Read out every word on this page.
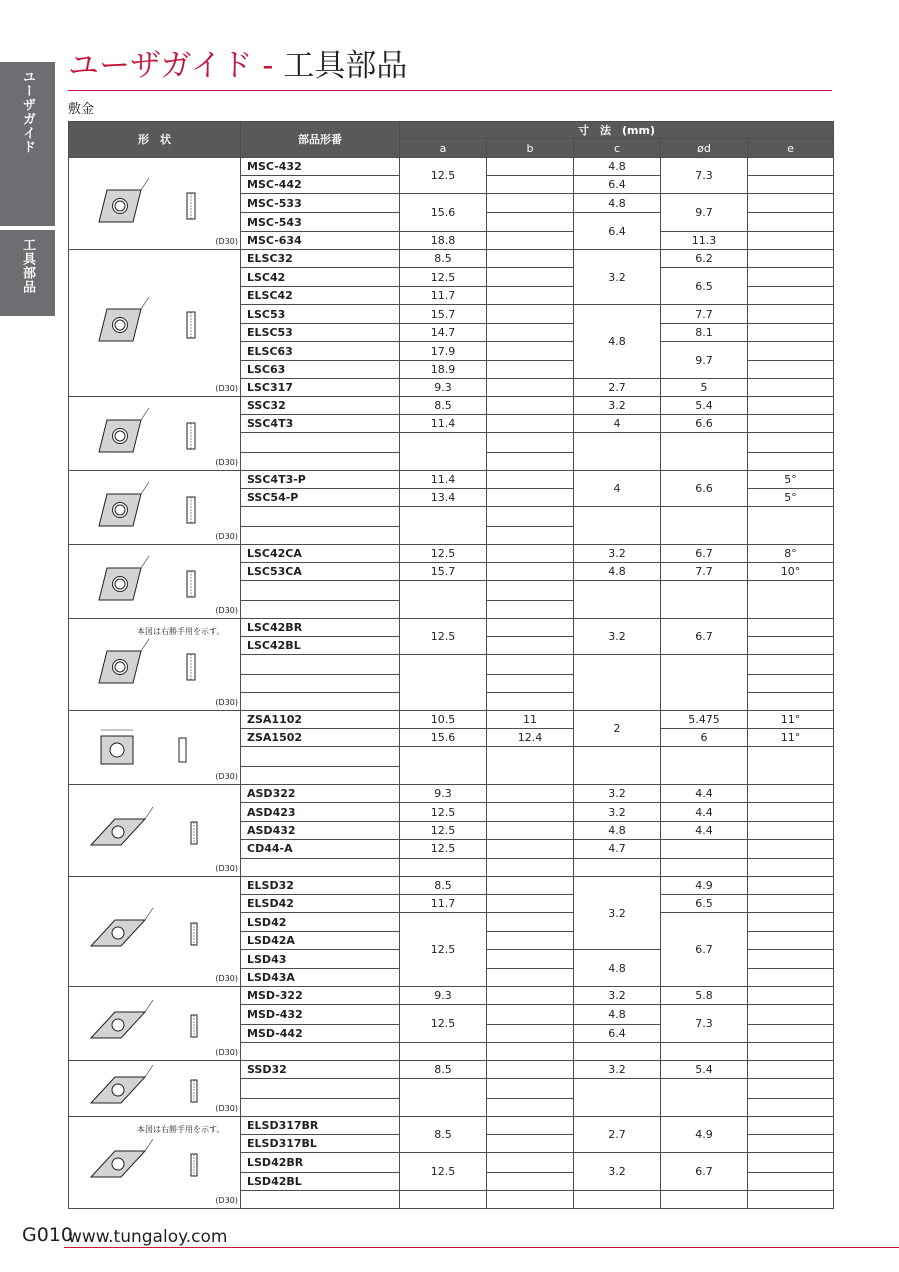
ユーザガイド
工具部品
ユーザガイド - 工具部品
敷金
形　状	部品形番	寸　法　(mm)				
		a	b	c	ød	e

(D30)	MSC-432	12.5		4.8	7.3	
	MSC-442			6.4		
	MSC-533	15.6		4.8	9.7	
	MSC-543			6.4		
	MSC-634	18.8			11.3	

(D30)	ELSC32	8.5		3.2	6.2	
	LSC42	12.5			6.5	
	ELSC42	11.7				
	LSC53	15.7		4.8	7.7	
	ELSC53	14.7			8.1	
	ELSC63	17.9			9.7	
	LSC63	18.9				
	LSC317	9.3		2.7	5	

(D30)	SSC32	8.5		3.2	5.4	
	SSC4T3	11.4		4	6.6	

(D30)	SSC4T3-P	11.4		4	6.6	5°
	SSC54-P	13.4				5°

(D30)	LSC42CA	12.5		3.2	6.7	8°
	LSC53CA	15.7		4.8	7.7	10°

本図は右勝手用を示す。
(D30)	LSC42BR	12.5		3.2	6.7	
	LSC42BL					

(D30)	ZSA1102	10.5	11	2	5.475	11°
	ZSA1502	15.6	12.4		6	11°

(D30)	ASD322	9.3		3.2	4.4	
	ASD423	12.5		3.2	4.4	
	ASD432	12.5		4.8	4.4	
	CD44-A	12.5		4.7		

(D30)	ELSD32	8.5		3.2	4.9	
	ELSD42	11.7			6.5	
	LSD42	12.5			6.7	
	LSD42A					
	LSD43			4.8		
	LSD43A					

(D30)	MSD-322	9.3		3.2	5.8	
	MSD-432	12.5		4.8	7.3	
	MSD-442			6.4		

(D30)	SSD32	8.5		3.2	5.4	

本図は右勝手用を示す。
(D30)	ELSD317BR	8.5		2.7	4.9	
	ELSD317BL					
	LSD42BR	12.5		3.2	6.7	
	LSD42BL					

G010
www.tungaloy.com
